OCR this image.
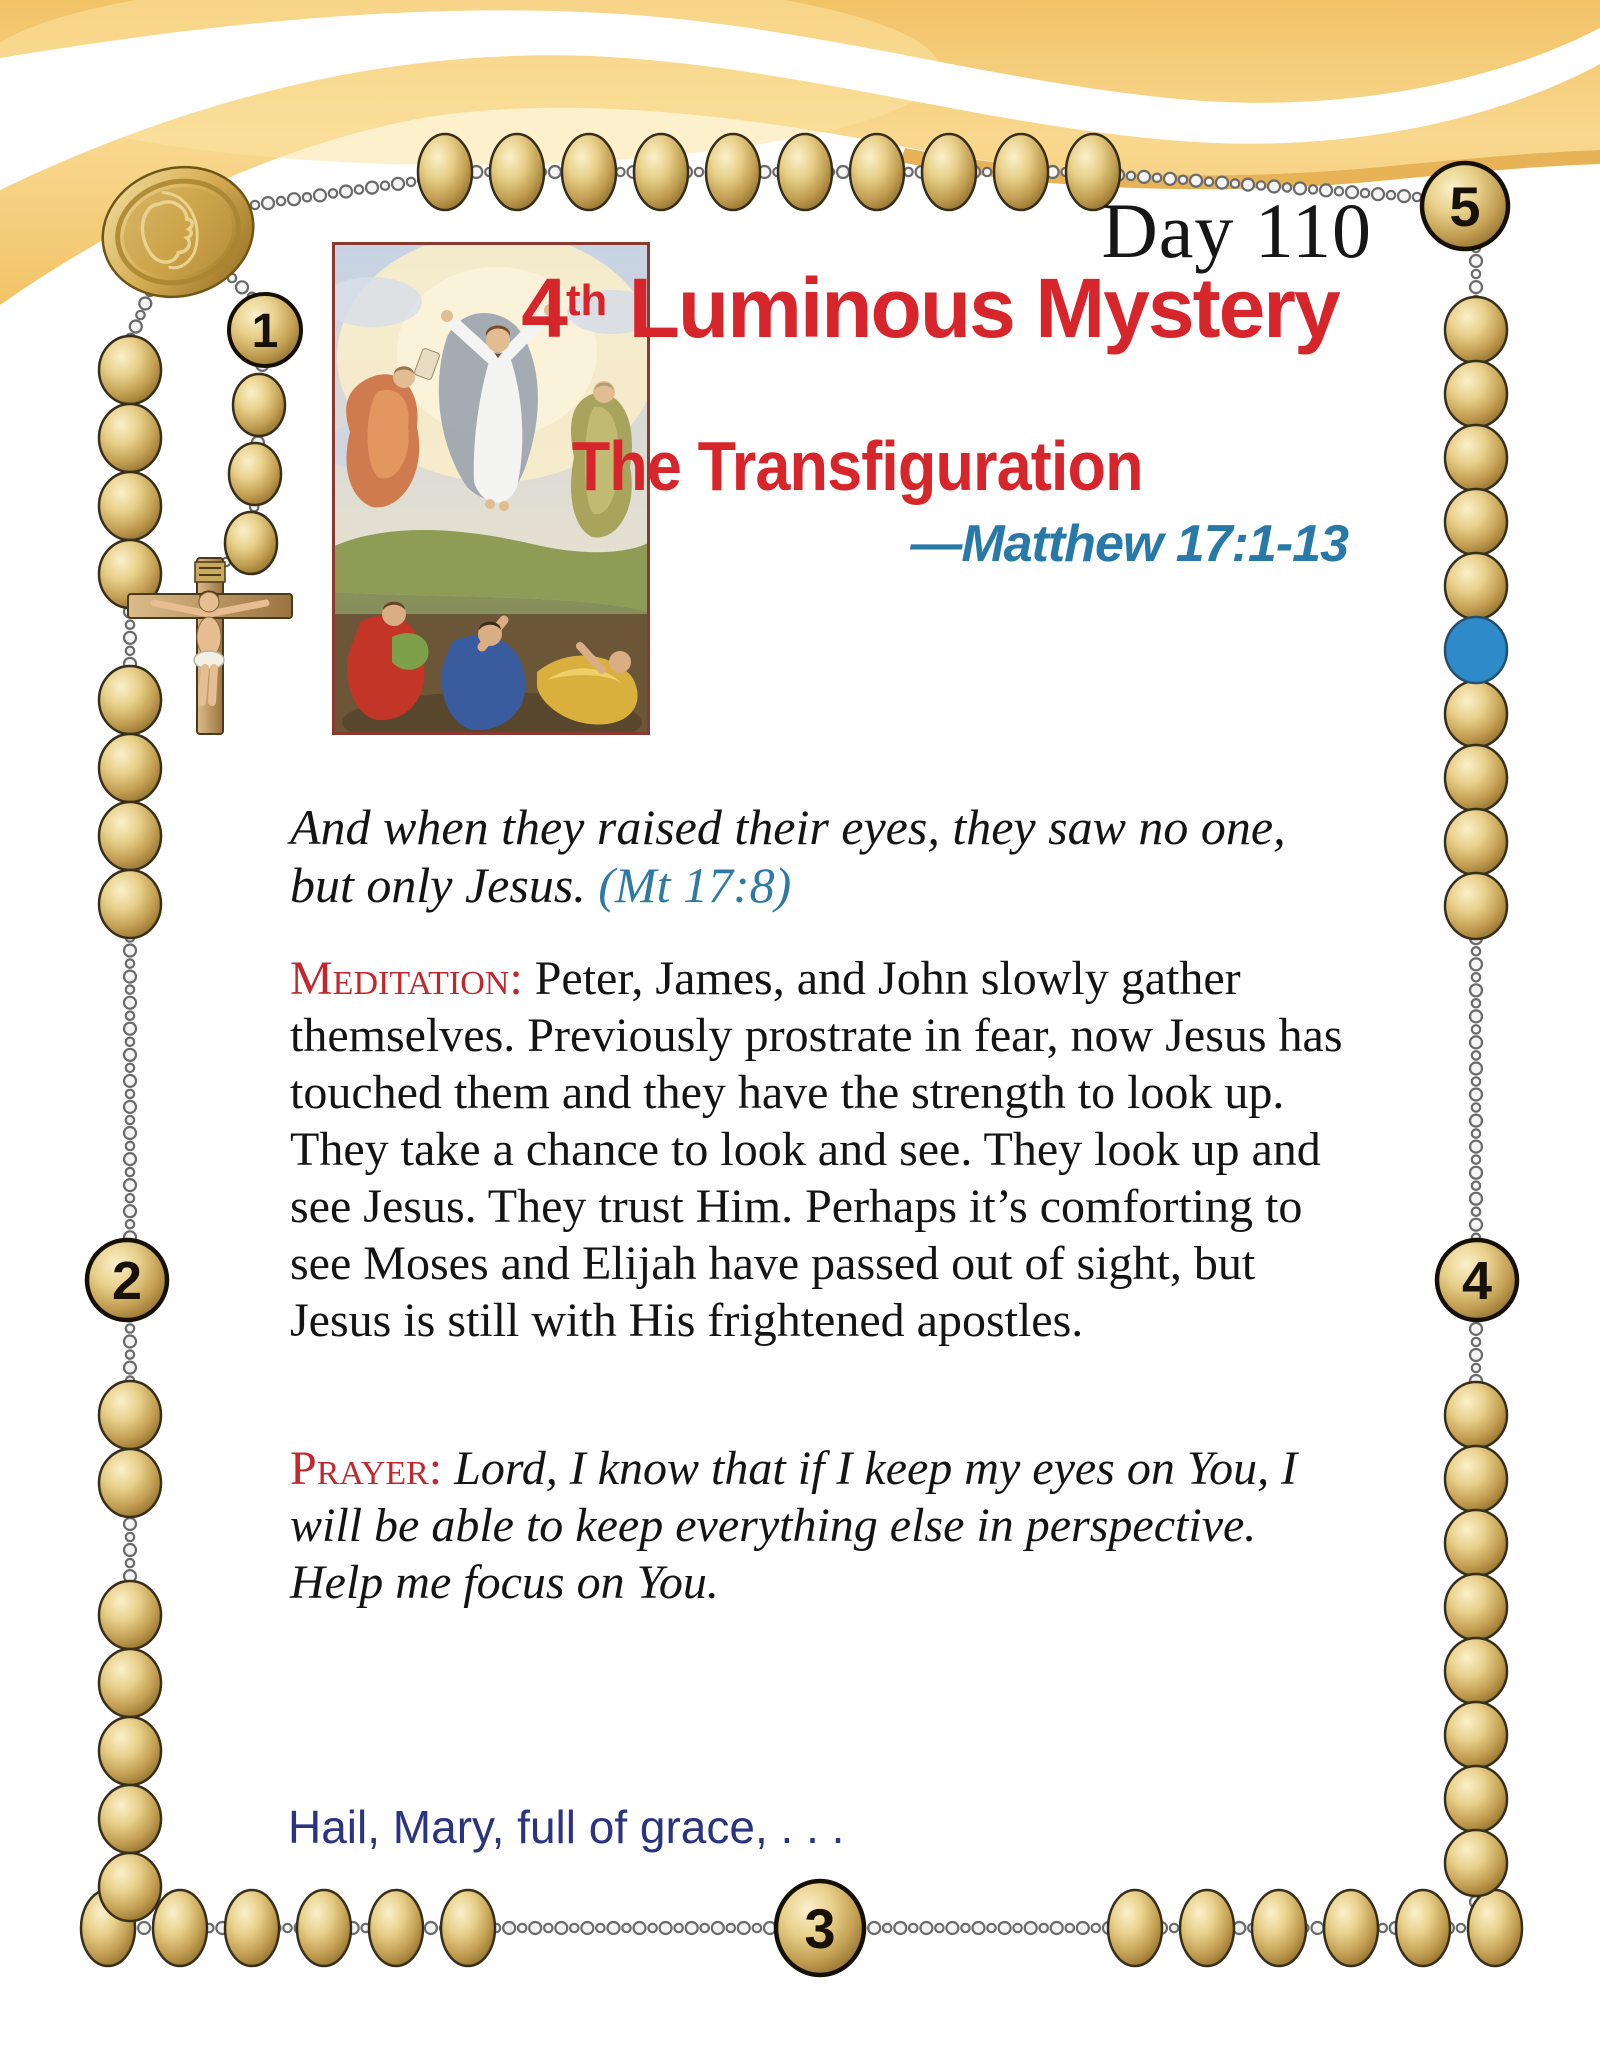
1
2
3
4
5
Day 110
4th Luminous Mystery
The Transfiguration
—Matthew 17:1-13
And when they raised their eyes, they saw no one, but only Jesus. (Mt 17:8)
Meditation: Peter, James, and John slowly gather themselves. Previously prostrate in fear, now Jesus has touched them and they have the strength to look up. They take a chance to look and see. They look up and see Jesus. They trust Him. Perhaps it’s comforting to see Moses and Elijah have passed out of sight, but Jesus is still with His frightened apostles.
Prayer: Lord, I know that if I keep my eyes on You, I will be able to keep everything else in perspective. Help me focus on You.
Hail, Mary, full of grace, . . .
